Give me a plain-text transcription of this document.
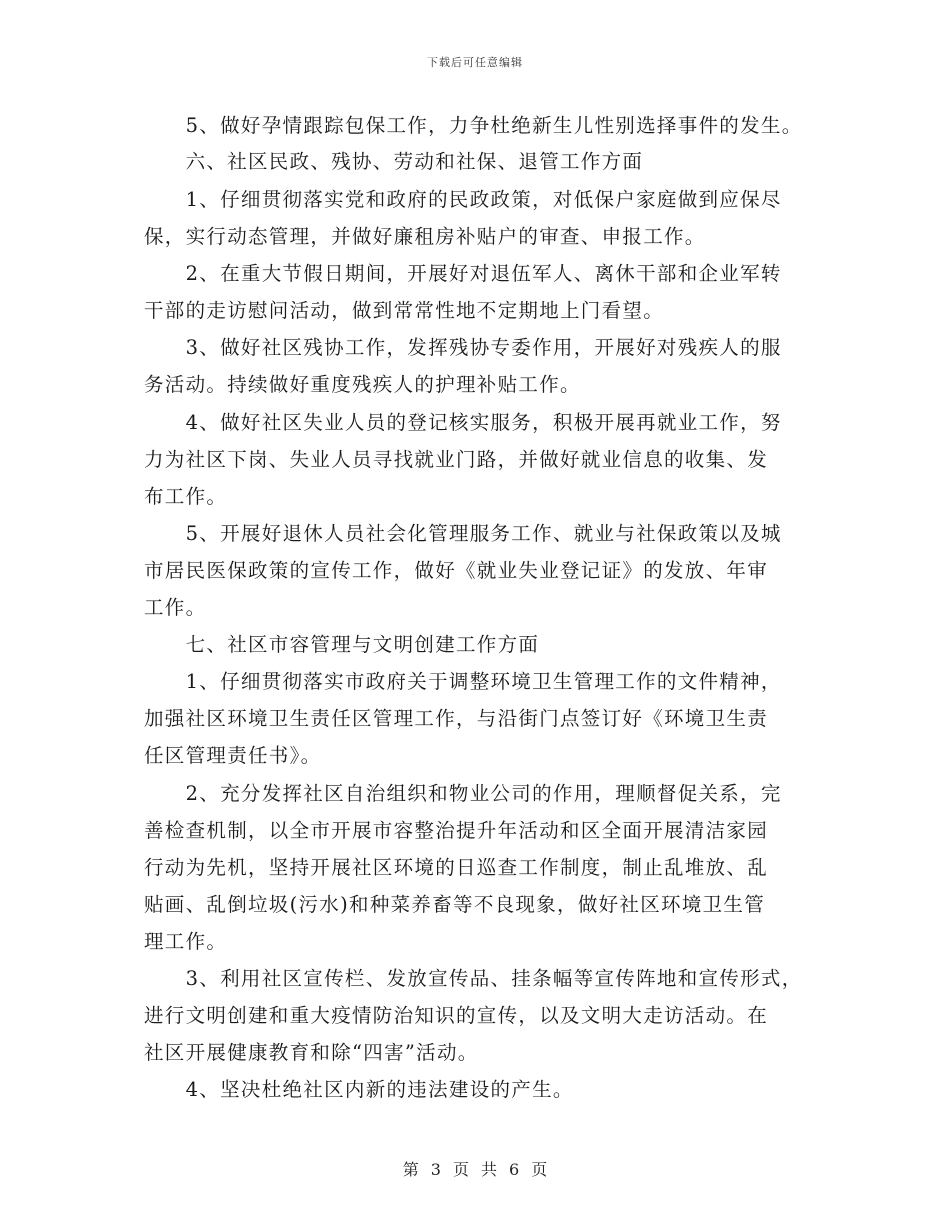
下载后可任意编辑
　　5、做好孕情跟踪包保工作，力争杜绝新生儿性别选择事件的发生。
　　六、社区民政、残协、劳动和社保、退管工作方面
　　1、仔细贯彻落实党和政府的民政政策，对低保户家庭做到应保尽
保，实行动态管理，并做好廉租房补贴户的审查、申报工作。
　　2、在重大节假日期间，开展好对退伍军人、离休干部和企业军转
干部的走访慰问活动，做到常常性地不定期地上门看望。
　　3、做好社区残协工作，发挥残协专委作用，开展好对残疾人的服
务活动。持续做好重度残疾人的护理补贴工作。
　　4、做好社区失业人员的登记核实服务，积极开展再就业工作，努
力为社区下岗、失业人员寻找就业门路，并做好就业信息的收集、发
布工作。
　　5、开展好退休人员社会化管理服务工作、就业与社保政策以及城
市居民医保政策的宣传工作，做好《就业失业登记证》的发放、年审
工作。
　　七、社区市容管理与文明创建工作方面
　　1、仔细贯彻落实市政府关于调整环境卫生管理工作的文件精神，
加强社区环境卫生责任区管理工作，与沿街门点签订好《环境卫生责
任区管理责任书》。
　　2、充分发挥社区自治组织和物业公司的作用，理顺督促关系，完
善检查机制，以全市开展市容整治提升年活动和区全面开展清洁家园
行动为先机，坚持开展社区环境的日巡查工作制度，制止乱堆放、乱
贴画、乱倒垃圾(污水)和种菜养畜等不良现象，做好社区环境卫生管
理工作。
　　3、利用社区宣传栏、发放宣传品、挂条幅等宣传阵地和宣传形式，
进行文明创建和重大疫情防治知识的宣传，以及文明大走访活动。在
社区开展健康教育和除“四害”活动。
　　4、坚决杜绝社区内新的违法建设的产生。
第 3 页 共 6 页
